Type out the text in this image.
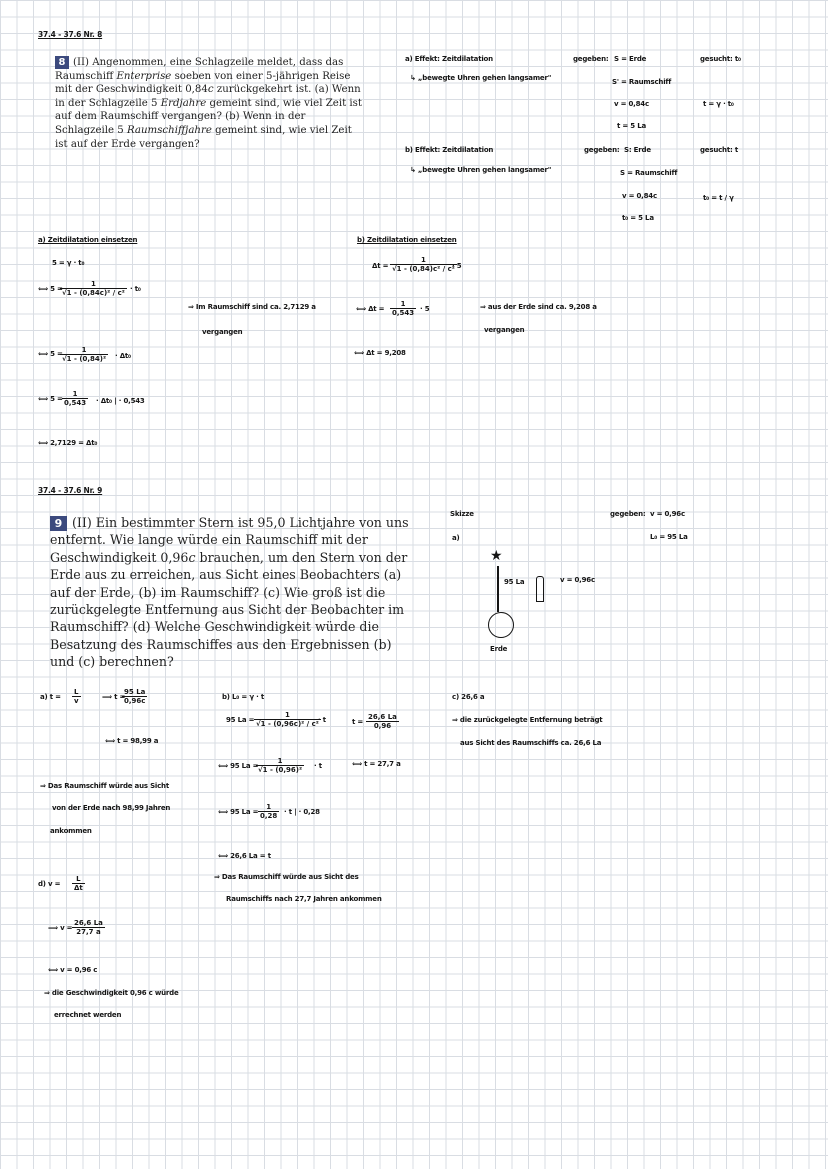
37.4 - 37.6 Nr. 8
8 (II) Angenommen, eine Schlagzeile meldet, dass das Raumschiff Enterprise soeben von einer 5-jährigen Reise mit der Geschwindigkeit 0,84c zurückgekehrt ist. (a) Wenn in der Schlagzeile 5 Erdjahre gemeint sind, wie viel Zeit ist auf dem Raumschiff vergangen? (b) Wenn in der Schlagzeile 5 Raumschiffjahre gemeint sind, wie viel Zeit ist auf der Erde vergangen?
a) Effekt: Zeitdilatation
↳ „bewegte Uhren gehen langsamer"
gegeben: S = Erde
S' = Raumschiff
v = 0,84c
t = 5 La
gesucht: t₀
t = γ · t₀
b) Effekt: Zeitdilatation
↳ „bewegte Uhren gehen langsamer"
gegeben: S: Erde
S = Raumschiff
v = 0,84c
t₀ = 5 La
gesucht: t
t₀ = t / γ
a) Zeitdilatation einsetzen
5 = γ · t₀
⟺ 5 =
$\frac{1}{\text{√1 - (0,84c)² / c²}} \cdot t_0$
⟺ 5 =
$\frac{1}{\text{√1 - (0,84)²}} \cdot \Delta t_0$
⟺ $5 = \frac{1}{0,543} \cdot \Delta t_0$ | · 0,543
⟺ 2,7129 = Δt₀
⇒ Im Raumschiff sind ca. 2,7129 a
vergangen
b) Zeitdilatation einsetzen
$\Delta t = \frac{1}{\text{√1 - (0,84)c² / c²}}$
· 5
⟺ $\Delta t = \frac{1}{0,543} \cdot 5$
⟺ Δt = 9,208
⇒ aus der Erde sind ca. 9,208 a
vergangen
37.4 - 37.6 Nr. 9
9 (II) Ein bestimmter Stern ist 95,0 Lichtjahre von uns entfernt. Wie lange würde ein Raumschiff mit der Geschwindigkeit 0,96c brauchen, um den Stern von der Erde aus zu erreichen, aus Sicht eines Beobachters (a) auf der Erde, (b) im Raumschiff? (c) Wie groß ist die zurückgelegte Entfernung aus Sicht der Beobachter im Raumschiff? (d) Welche Geschwindigkeit würde die Besatzung des Raumschiffes aus den Ergebnissen (b) und (c) berechnen?
Skizze
a)
★
95 La	v = 0,96c
Erde
gegeben: v = 0,96c
L₀ = 95 La
a) $t = \frac{L}{v}$	⟹ t =
$\frac{95 La}{0,96c}$
⟺ t = 98,99 a
⇒ Das Raumschiff würde aus Sicht
von der Erde nach 98,99 Jahren
ankommen
b) L₀ = γ · t
95 $La = \frac{1}{\text{√1 - (0,96c)² / c²}}$
· t
⟺ 95 La =
$\frac{1}{\text{√1 - (0,96)²}} \cdot t$
⟺ 95 $La = \frac{1}{0,28} \cdot t$ | · 0,28
⟺ 26,6 La = t
$t = \frac{26,6 La}{0,96}$
⟺ t = 27,7 a
⇒ Das Raumschiff würde aus Sicht des
Raumschiffs nach 27,7 Jahren ankommen
c) 26,6 a
⇒ die zurückgelegte Entfernung beträgt
aus Sicht des Raumschiffs ca. 26,6 La
d) $v = \frac{L}{\Delta t}$
⟹ $v = \frac{26,6 La}{27,7 a}$
⟺ v = 0,96 c
⇒ die Geschwindigkeit 0,96 c würde
errechnet werden
